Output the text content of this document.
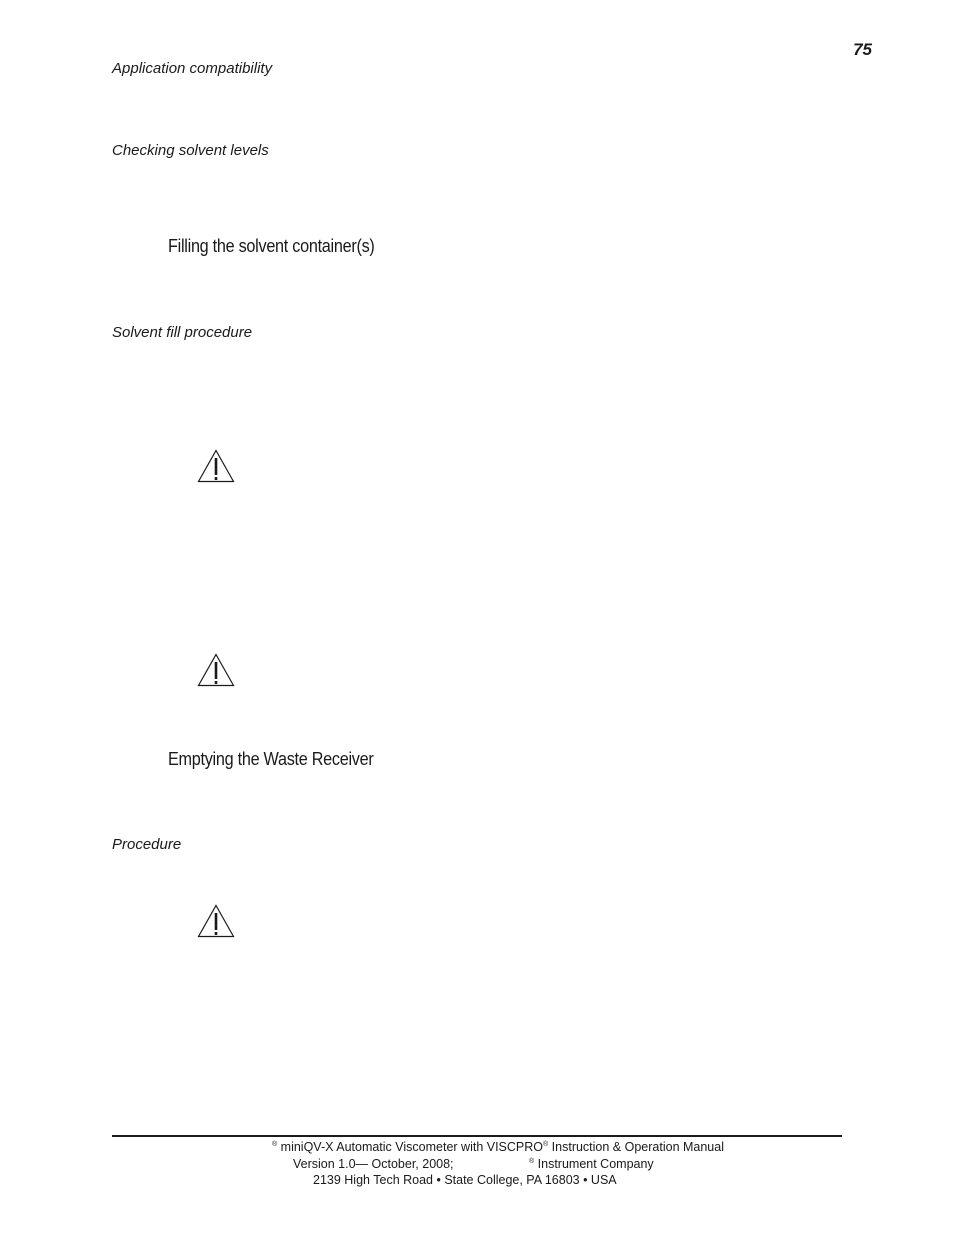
75
Application compatibility
Checking solvent levels
Filling the solvent container(s)
Solvent fill procedure
Emptying the Waste Receiver
Procedure
® miniQV-X Automatic Viscometer with VISCPRO® Instruction & Operation Manual
Version 1.0— October, 2008;	® Instrument Company
2139 High Tech Road • State College, PA 16803 • USA
